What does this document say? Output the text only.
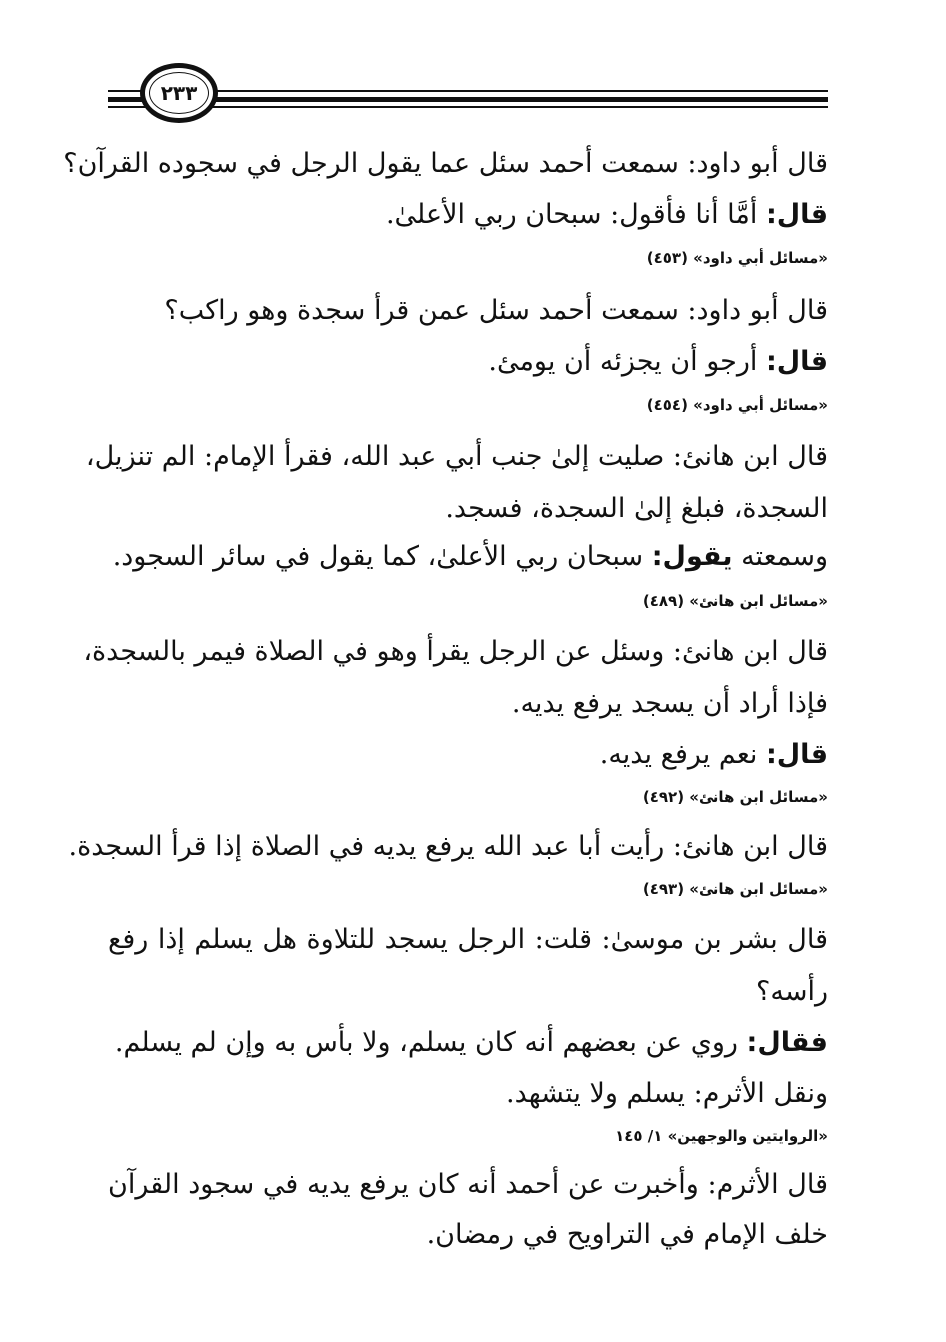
٢٣٣
قال أبو داود: سمعت أحمد سئل عما يقول الرجل في سجوده القرآن؟
قال: أمَّا أنا فأقول: سبحان ربي الأعلىٰ.
«مسائل أبي داود» (٤٥٣)
قال أبو داود: سمعت أحمد سئل عمن قرأ سجدة وهو راكب؟
قال: أرجو أن يجزئه أن يومئ.
«مسائل أبي داود» (٤٥٤)
قال ابن هانئ: صليت إلىٰ جنب أبي عبد الله، فقرأ الإمام: الم تنزيل،
السجدة، فبلغ إلىٰ السجدة، فسجد.
وسمعته يقول: سبحان ربي الأعلىٰ، كما يقول في سائر السجود.
«مسائل ابن هانئ» (٤٨٩)
قال ابن هانئ: وسئل عن الرجل يقرأ وهو في الصلاة فيمر بالسجدة،
فإذا أراد أن يسجد يرفع يديه.
قال: نعم يرفع يديه.
«مسائل ابن هانئ» (٤٩٢)
قال ابن هانئ: رأيت أبا عبد الله يرفع يديه في الصلاة إذا قرأ السجدة.
«مسائل ابن هانئ» (٤٩٣)
قال بشر بن موسىٰ: قلت: الرجل يسجد للتلاوة هل يسلم إذا رفع
رأسه؟
فقال: روي عن بعضهم أنه كان يسلم، ولا بأس به وإن لم يسلم.
ونقل الأثرم: يسلم ولا يتشهد.
«الروايتين والوجهين» ١/ ١٤٥
قال الأثرم: وأخبرت عن أحمد أنه كان يرفع يديه في سجود القرآن
خلف الإمام في التراويح في رمضان.
